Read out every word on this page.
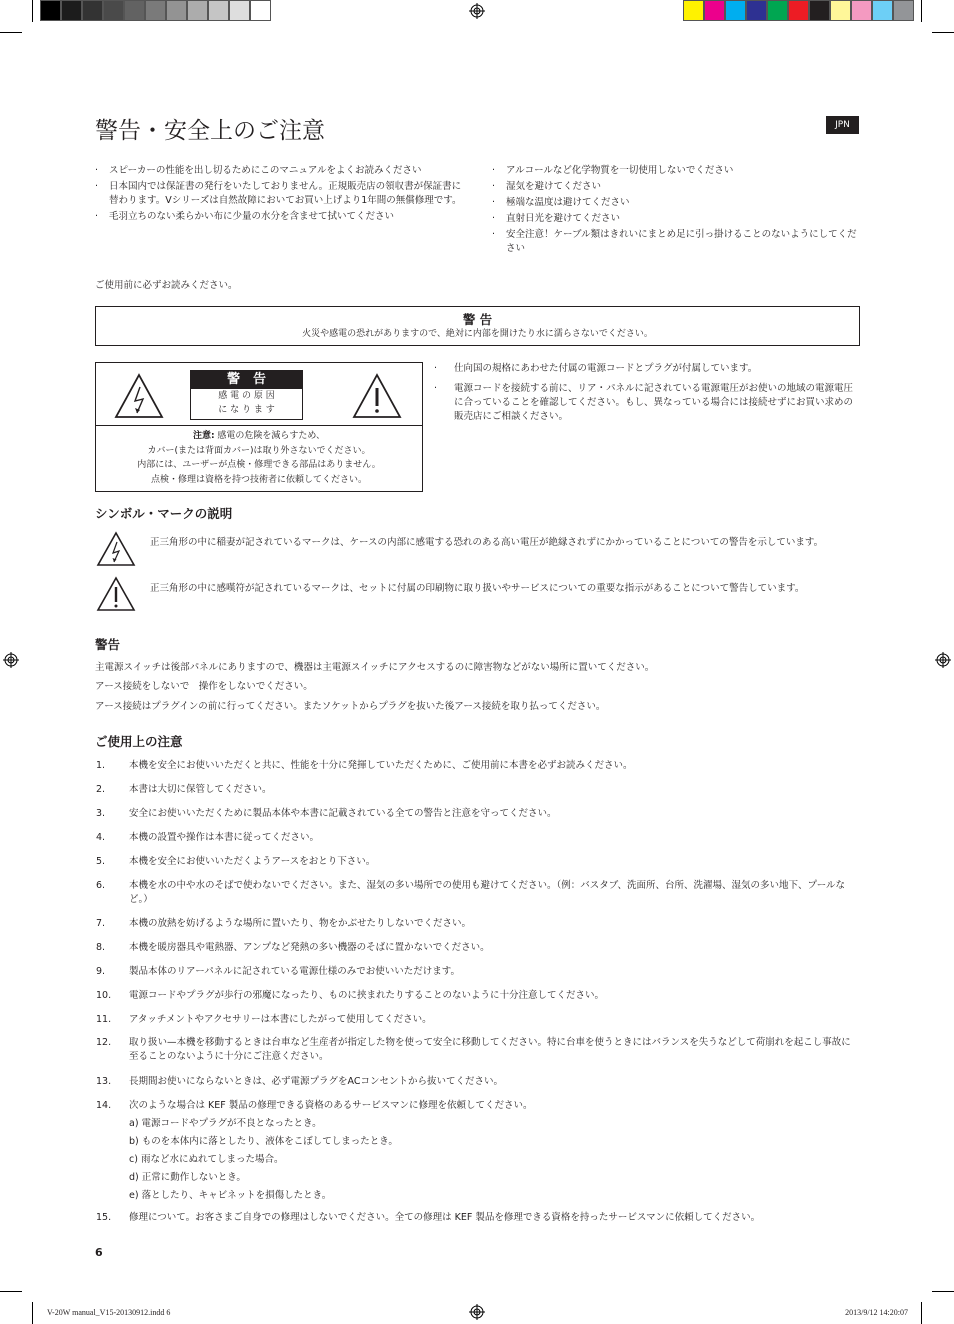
警告・安全上のご注意	JPN
· スピーカーの性能を出し切るためにこのマニュアルをよくお読みください
· 日本国内では保証書の発行をいたしておりません。正規販売店の領収書が保証書に替わります。Vシリーズは自然故障においてお買い上げより1年間の無償修理です。
· 毛羽立ちのない柔らかい布に少量の水分を含ませて拭いてください
· アルコールなど化学物質を一切使用しないでください
· 湿気を避けてください
· 極端な温度は避けてください
· 直射日光を避けてください
· 安全注意！ケーブル類はきれいにまとめ足に引っ掛けることのないようにしてください
ご使用前に必ずお読みください。
警 告
火災や感電の恐れがありますので、絶対に内部を開けたり水に濡らさないでください。
警　告
感 電 の 原 因
に な り ま す
注意: 感電の危険を減らすため、
カバー(または背面カバー)は取り外さないでください。
内部には、ユーザーが点検・修理できる部品はありません。
点検・修理は資格を持つ技術者に依頼してください。
· 仕向国の規格にあわせた付属の電源コードとプラグが付属しています。
· 電源コードを接続する前に、リア・パネルに記されている電源電圧がお使いの地域の電源電圧に合っていることを確認してください。もし、異なっている場合には接続せずにお買い求めの販売店にご相談ください。
シンボル・マークの説明
正三角形の中に稲妻が記されているマークは、ケースの内部に感電する恐れのある高い電圧が絶縁されずにかかっていることについての警告を示しています。
正三角形の中に感嘆符が記されているマークは、セットに付属の印刷物に取り扱いやサービスについての重要な指示があることについて警告しています。
警告
主電源スイッチは後部パネルにありますので、機器は主電源スイッチにアクセスするのに障害物などがない場所に置いてください。
アース接続をしないで　操作をしないでください。
アース接続はプラグインの前に行ってください。またソケットからプラグを抜いた後アース接続を取り払ってください。
ご使用上の注意
1.	本機を安全にお使いいただくと共に、性能を十分に発揮していただくために、ご使用前に本書を必ずお読みください。
2.	本書は大切に保管してください。
3.	安全にお使いいただくために製品本体や本書に記載されている全ての警告と注意を守ってください。
4.	本機の設置や操作は本書に従ってください。
5.	本機を安全にお使いいただくようアースをおとり下さい。
6.	本機を水の中や水のそばで使わないでください。また、湿気の多い場所での使用も避けてください。（例：バスタブ、洗面所、台所、洗濯場、湿気の多い地下、プールなど。）
7.	本機の放熱を妨げるような場所に置いたり、物をかぶせたりしないでください。
8.	本機を暖房器具や電熱器、アンプなど発熱の多い機器のそばに置かないでください。
9.	製品本体のリアーパネルに記されている電源仕様のみでお使いいただけます。
10. 電源コードやプラグが歩行の邪魔になったり、ものに挟まれたりすることのないように十分注意してください。
11. アタッチメントやアクセサリーは本書にしたがって使用してください。
12. 取り扱い—本機を移動するときは台車など生産者が指定した物を使って安全に移動してください。特に台車を使うときにはバランスを失うなどして荷崩れを起こし事故に至ることのないように十分にご注意ください。
13. 長期間お使いにならないときは、必ず電源プラグをACコンセントから抜いてください。
14. 次のような場合は KEF 製品の修理できる資格のあるサービスマンに修理を依頼してください。
a) 電源コードやプラグが不良となったとき。
b) ものを本体内に落としたり、液体をこぼしてしまったとき。
c) 雨など水にぬれてしまった場合。
d) 正常に動作しないとき。
e) 落としたり、キャビネットを損傷したとき。
15. 修理について。お客さまご自身での修理はしないでください。全ての修理は KEF 製品を修理できる資格を持ったサービスマンに依頼してください。
6
V-20W manual_V15-20130912.indd 6	2013/9/12 14:20:07
